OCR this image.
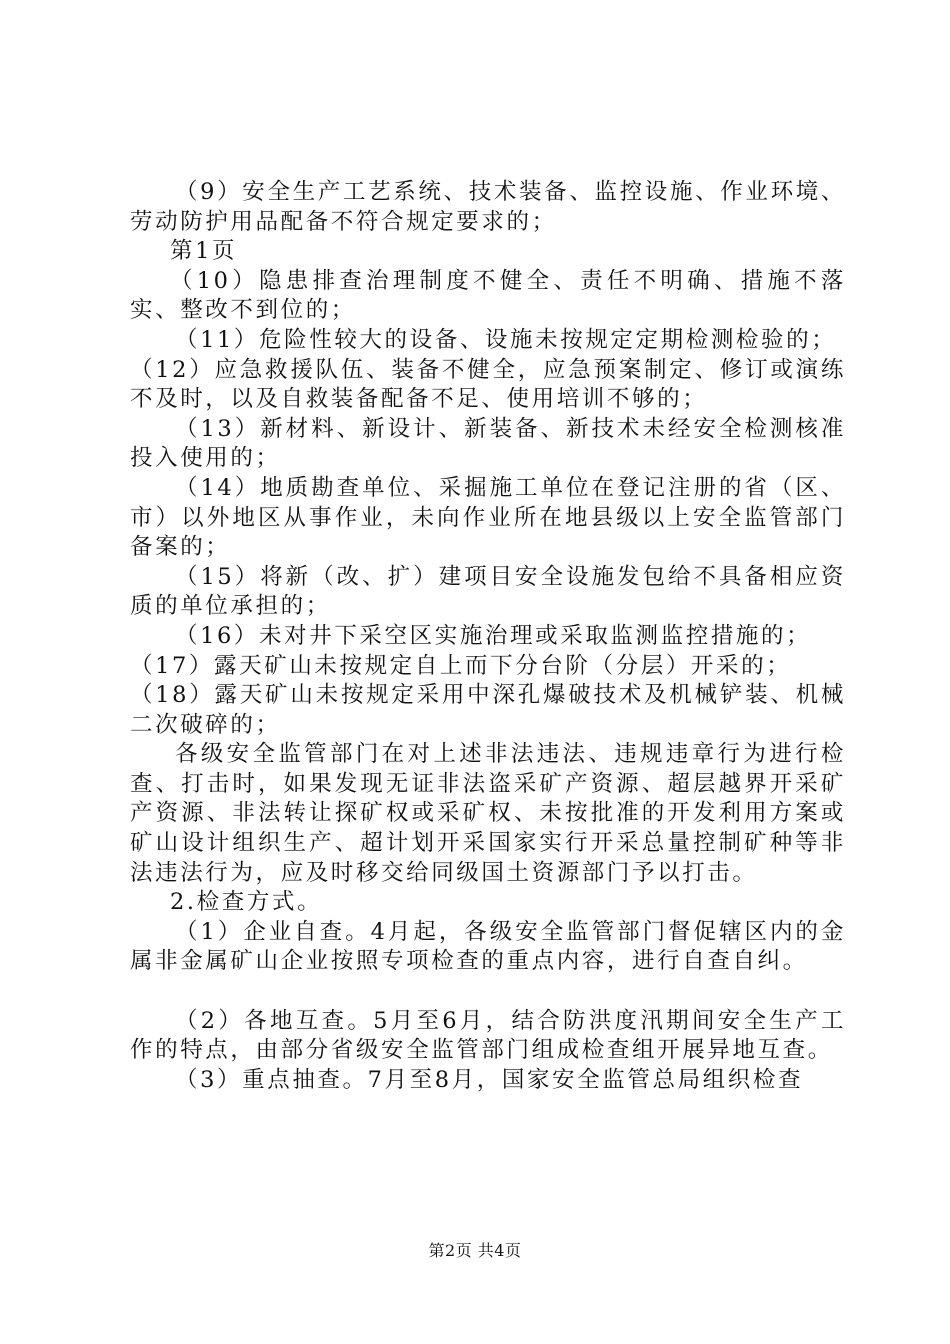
（9）安全生产工艺系统、技术装备、监控设施、作业环境、劳动防护用品配备不符合规定要求的；

第1页

（10）隐患排查治理制度不健全、责任不明确、措施不落实、整改不到位的；

（11）危险性较大的设备、设施未按规定定期检测检验的；

（12）应急救援队伍、装备不健全，应急预案制定、修订或演练不及时，以及自救装备配备不足、使用培训不够的；

（13）新材料、新设计、新装备、新技术未经安全检测核准投入使用的；

（14）地质勘查单位、采掘施工单位在登记注册的省（区、市）以外地区从事作业，未向作业所在地县级以上安全监管部门备案的；

（15）将新（改、扩）建项目安全设施发包给不具备相应资质的单位承担的；

（16）未对井下采空区实施治理或采取监测监控措施的；

（17）露天矿山未按规定自上而下分台阶（分层）开采的；

（18）露天矿山未按规定采用中深孔爆破技术及机械铲装、机械二次破碎的；

各级安全监管部门在对上述非法违法、违规违章行为进行检查、打击时，如果发现无证非法盗采矿产资源、超层越界开采矿产资源、非法转让探矿权或采矿权、未按批准的开发利用方案或矿山设计组织生产、超计划开采国家实行开采总量控制矿种等非法违法行为，应及时移交给同级国土资源部门予以打击。

2.检查方式。

（1）企业自查。4月起，各级安全监管部门督促辖区内的金属非金属矿山企业按照专项检查的重点内容，进行自查自纠。

（2）各地互查。5月至6月，结合防洪度汛期间安全生产工作的特点，由部分省级安全监管部门组成检查组开展异地互查。

（3）重点抽查。7月至8月，国家安全监管总局组织检查

第2页 共4页
